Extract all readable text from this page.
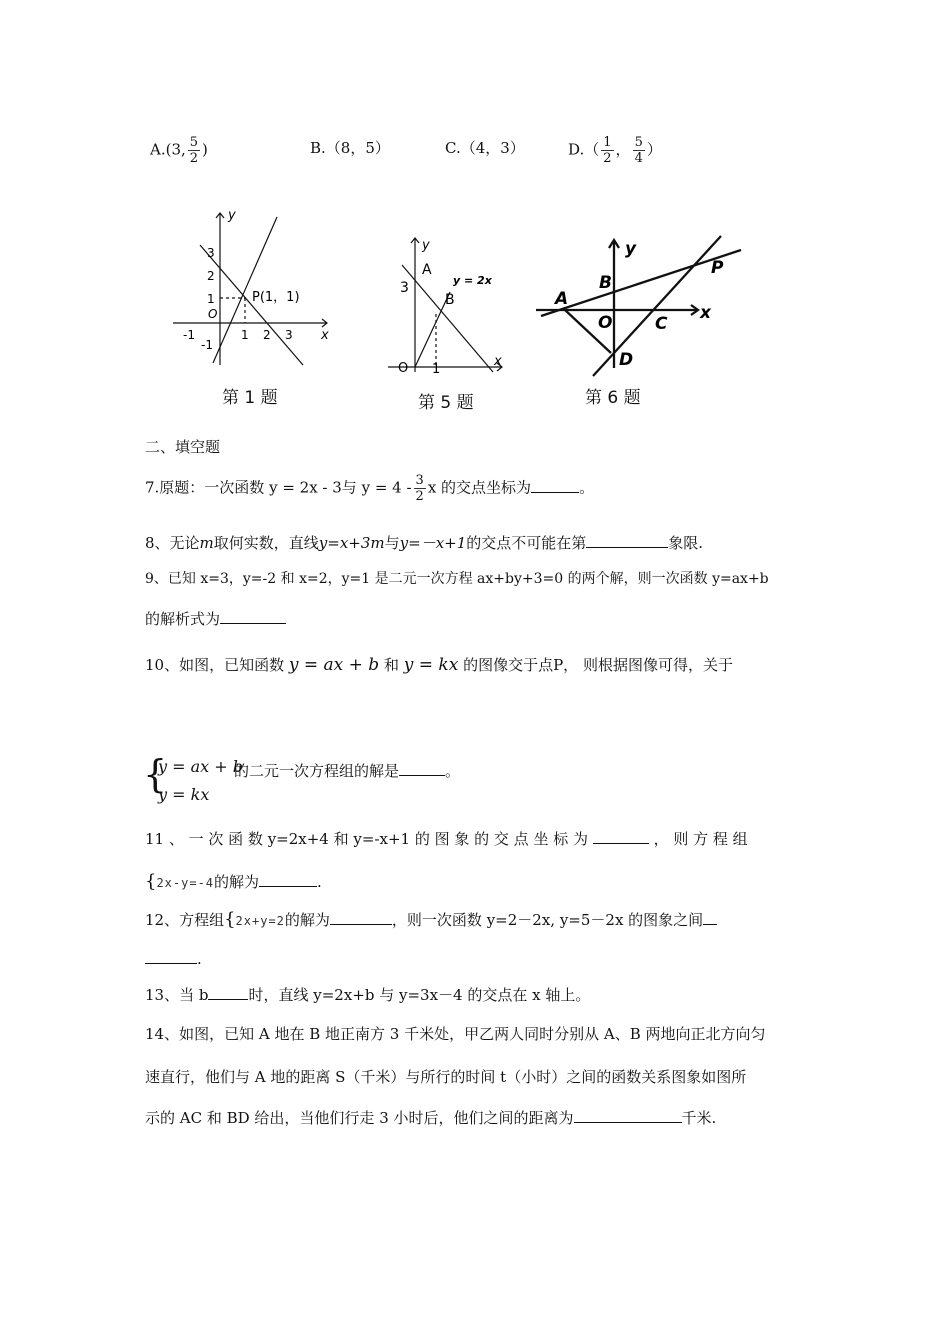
A.(3, $\frac{5}{2}$ )	B.（8，5）	C.（4，3）	$D.( \frac{1}{2}$ ， $\frac{5}{4}$ ）
y
x
O
P(1，1)
3
2
1
-1
-1	1 2 3
第 1 题
y
x
O
A
B
y = 2x
3
1
第 5 题
y
x
O
A
B
C
D
P
第 6 题
二、填空题
7.原题：一次函数 y = 2x - 3与 $y = 4 - \frac{3}{2}$ x 的交点坐标为	。
8、无论m取何实数，直线y=x+3m与y=－x+1的交点不可能在第	象限.
9、已知 x=3，y=-2 和 x=2，y=1 是二元一次方程 ax+by+3=0 的两个解，则一次函数 y=ax+b
的解析式为
10、如图，已知函数 y = ax + b 和 y = kx 的图像交于点P， 则根据图像可得，关于
{
y = ax + b
y = kx
的二元一次方程组的解是	。
11 、 一 次 函 数 y=2x+4 和 y=-x+1 的 图 象 的 交 点 坐 标 为	， 则 方 程 组
{2x-y=-4的解为	.
12、方程组{2x+y=2的解为	，则一次函数 y=2－2x, y=5－2x 的图象之间
.
13、当 b	时，直线 y=2x+b 与 y=3x－4 的交点在 x 轴上。
14、如图，已知 A 地在 B 地正南方 3 千米处，甲乙两人同时分别从 A、B 两地向正北方向匀
速直行，他们与 A 地的距离 S（千米）与所行的时间 t（小时）之间的函数关系图象如图所
示的 AC 和 BD 给出，当他们行走 3 小时后，他们之间的距离为	千米.
